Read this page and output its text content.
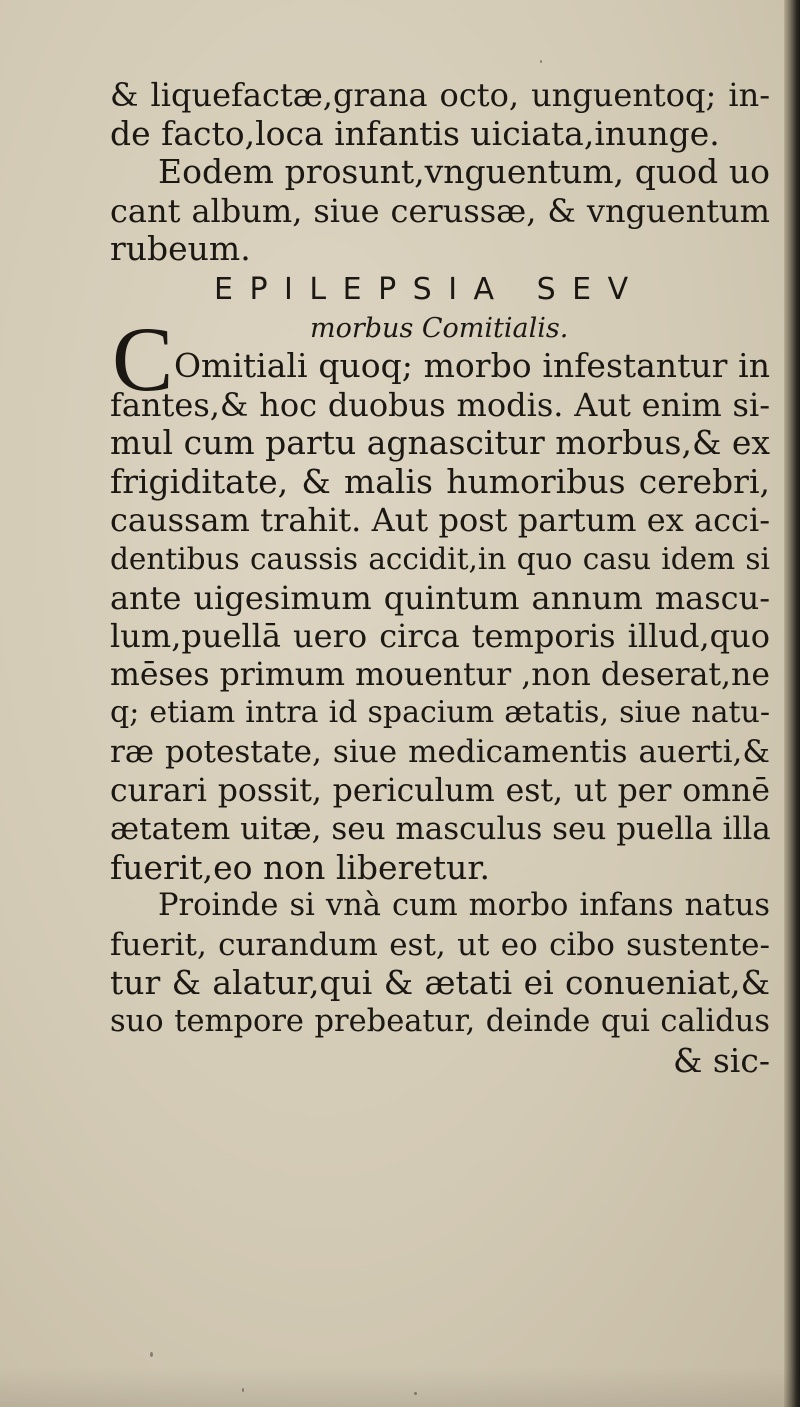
& liquefactæ,grana octo, unguentoq; in-
de facto,loca infantis uiciata,inunge.
Eodem prosunt,vnguentum, quod uo
cant album, siue cerussæ, & vnguentum
rubeum.
EPILEPSIA SEV
morbus Comitialis.
C Omitiali quoq; morbo infestantur in
fantes,& hoc duobus modis. Aut enim si-
mul cum partu agnascitur morbus,& ex
frigiditate, & malis humoribus cerebri,
caussam trahit. Aut post partum ex acci-
dentibus caussis accidit,in quo casu idem si
ante uigesimum quintum annum mascu-
lum,puellā uero circa temporis illud,quo
mēses primum mouentur ,non deserat,ne
q; etiam intra id spacium ætatis, siue natu-
ræ potestate, siue medicamentis auerti,&
curari possit, periculum est, ut per omnē
ætatem uitæ, seu masculus seu puella illa
fuerit,eo non liberetur.
Proinde si vnà cum morbo infans natus
fuerit, curandum est, ut eo cibo sustente-
tur & alatur,qui & ætati ei conueniat,&
suo tempore prebeatur, deinde qui calidus
& sic-
